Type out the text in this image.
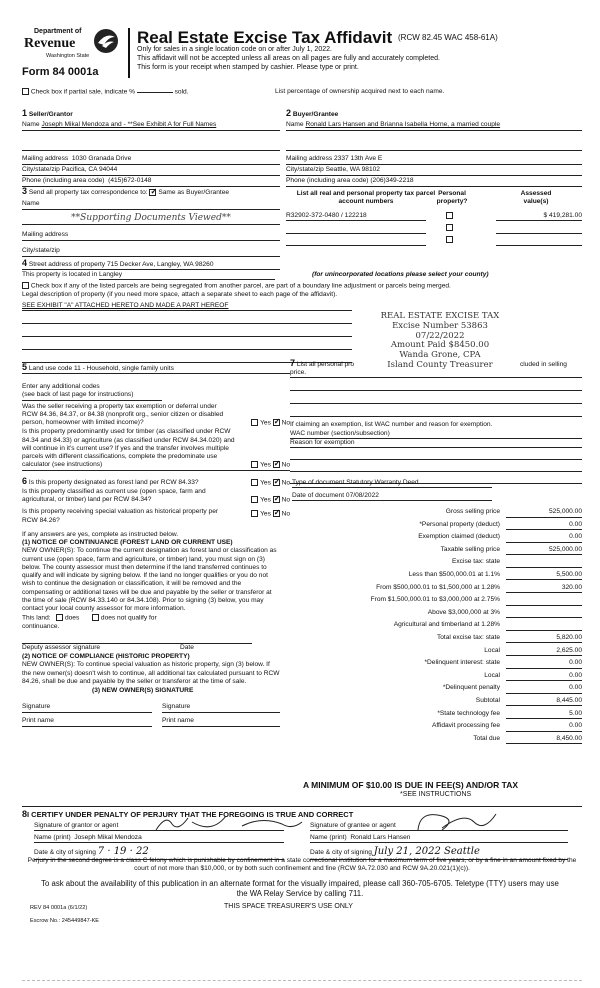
Department of
Revenue
Washington State
Form 84 0001a
Real Estate Excise Tax Affidavit (RCW 82.45 WAC 458-61A)
Only for sales in a single location code on or after July 1, 2022.
This affidavit will not be accepted unless all areas on all pages are fully and accurately completed.
This form is your receipt when stamped by cashier. Please type or print.
Check box if partial sale, indicate %	sold.	List percentage of ownership acquired next to each name.
1 Seller/Grantor
Name Joseph Mikal Mendoza and - **See Exhibit A for Full Names
Mailing address 1030 Granada Drive
City/state/zip Pacifica, CA 94044
Phone (including area code) (415)672-0148
2 Buyer/Grantee
Name Ronald Lars Hansen and Brianna Isabella Horne, a married couple
Mailing address 2337 13th Ave E
City/state/zip Seattle, WA 98102
Phone (including area code) (206)349-2218
3 Send all property tax correspondence to: ✓ Same as Buyer/Grantee
Name
**Supporting Documents Viewed**
Mailing address
City/state/zip
List all real and personal property tax parcel account numbers
Personal property?
Assessed value(s)
R32902-372-0480 / 122218	$ 419,281.00
4 Street address of property 715 Decker Ave, Langley, WA 98260
This property is located in Langley	(for unincorporated locations please select your county)
Check box if any of the listed parcels are being segregated from another parcel, are part of a boundary line adjustment or parcels being merged.
Legal description of property (if you need more space, attach a separate sheet to each page of the affidavit).
SEE EXHIBIT "A" ATTACHED HERETO AND MADE A PART HEREOF
REAL ESTATE EXCISE TAX
Excise Number 53863
07/22/2022
Amount Paid $8450.00
Wanda Grone, CPA
Island County Treasurer
5 Land use code 11 - Household, single family units
Enter any additional codes
(see back of last page for instructions)
Was the seller receiving a property tax exemption or deferral under RCW 84.36, 84.37, or 84.38 (nonprofit org., senior citizen or disabled person, homeowner with limited income)?	Yes ✓ No
Is this property predominantly used for timber (as classified under RCW 84.34 and 84.33) or agriculture (as classified under RCW 84.34.020) and will continue in it's current use? If yes and the transfer involves multiple parcels with different classifications, complete the predominate use calculator (see instructions)	Yes ✓ No
7 List all personal pro	cluded in selling
price.
If claiming an exemption, list WAC number and reason for exemption.
WAC number (section/subsection)
Reason for exemption
6 Is this property designated as forest land per RCW 84.33?	Yes ✓ No
Is this property classified as current use (open space, farm and agricultural, or timber) land per RCW 84.34?	Yes ✓ No
Is this property receiving special valuation as historical property per RCW 84.26?
Yes ✓ No
If any answers are yes, complete as instructed below.
(1) NOTICE OF CONTINUANCE (FOREST LAND OR CURRENT USE)
NEW OWNER(S): To continue the current designation as forest land or classification as current use (open space, farm and agriculture, or timber) land, you must sign on (3) below. The county assessor must then determine if the land transferred continues to qualify and will indicate by signing below. If the land no longer qualifies or you do not wish to continue the designation or classification, it will be removed and the compensating or additional taxes will be due and payable by the seller or transferor at the time of sale (RCW 84.33.140 or 84.34.108). Prior to signing (3) below, you may contact your local county assessor for more information.
This land: does	does not qualify for
continuance.
Deputy assessor signature	Date
(2) NOTICE OF COMPLIANCE (HISTORIC PROPERTY)
NEW OWNER(S): To continue special valuation as historic property, sign (3) below. If the new owner(s) doesn't wish to continue, all additional tax calculated pursuant to RCW 84.26, shall be due and payable by the seller or transferor at the time of sale.
(3) NEW OWNER(S) SIGNATURE
Signature	Signature
Print name	Print name
Type of document Statutory Warranty Deed
Date of document 07/08/2022
Gross selling price	525,000.00
*Personal property (deduct)	0.00
Exemption claimed (deduct)	0.00
Taxable selling price	525,000.00
Excise tax: state
Less than $500,000.01 at 1.1%	5,500.00
From $500,000.01 to $1,500,000 at 1.28%	320.00
From $1,500,000.01 to $3,000,000 at 2.75%
Above $3,000,000 at 3%
Agricultural and timberland at 1.28%
Total excise tax: state	5,820.00
Local	2,625.00
*Delinquent interest: state	0.00
Local	0.00
*Delinquent penalty	0.00
Subtotal	8,445.00
*State technology fee	5.00
Affidavit processing fee	0.00
Total due	8,450.00
A MINIMUM OF $10.00 IS DUE IN FEE(S) AND/OR TAX
*SEE INSTRUCTIONS
8I CERTIFY UNDER PENALTY OF PERJURY THAT THE FOREGOING IS TRUE AND CORRECT
Signature of grantor or agent
Name (print) Joseph Mikal Mendoza
Date & city of signing 7 · 19 · 22
Signature of grantee or agent
Name (print) Ronald Lars Hansen
Date & city of signing July 21, 2022 Seattle
Perjury in the second degree is a class C felony which is punishable by confinement in a state correctional institution for a maximum term of five years, or by a fine in an amount fixed by the court of not more than $10,000, or by both such confinement and fine (RCW 9A.72.030 and RCW 9A.20.021(1)(c)).
To ask about the availability of this publication in an alternate format for the visually impaired, please call 360-705-6705. Teletype (TTY) users may use the WA Relay Service by calling 711.
REV 84 0001a (6/1/22)	THIS SPACE TREASURER'S USE ONLY
Escrow No.: 245449847-KE
